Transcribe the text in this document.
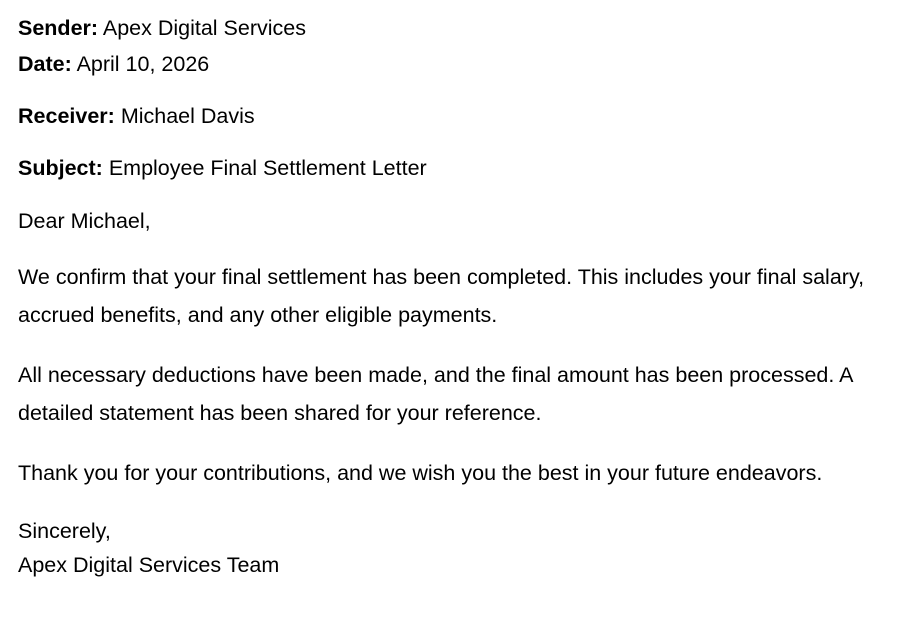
Sender: Apex Digital Services
Date: April 10, 2026
Receiver: Michael Davis
Subject: Employee Final Settlement Letter

Dear Michael,

We confirm that your final settlement has been completed. This includes your final salary, accrued benefits, and any other eligible payments.

All necessary deductions have been made, and the final amount has been processed. A detailed statement has been shared for your reference.

Thank you for your contributions, and we wish you the best in your future endeavors.

Sincerely,

Apex Digital Services Team
